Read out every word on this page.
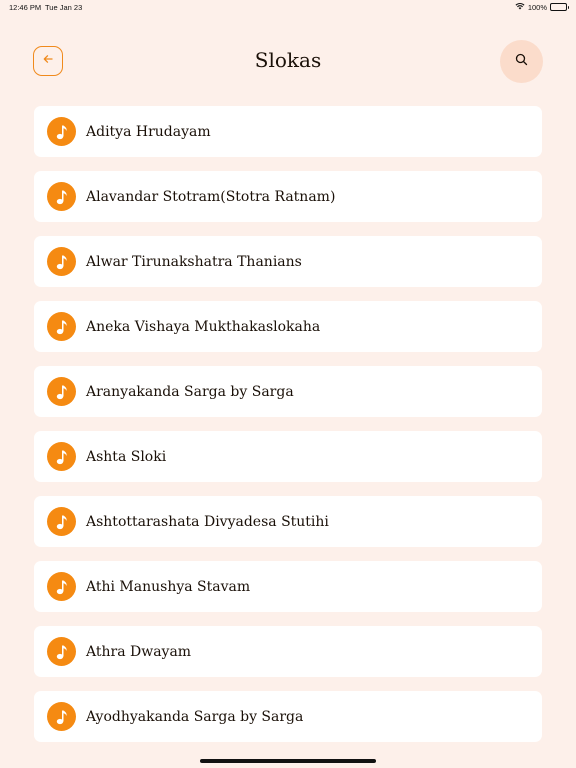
12:46 PM Tue Jan 23	100%
Slokas
Aditya Hrudayam
Alavandar Stotram(Stotra Ratnam)
Alwar Tirunakshatra Thanians
Aneka Vishaya Mukthakaslokaha
Aranyakanda Sarga by Sarga
Ashta Sloki
Ashtottarashata Divyadesa Stutihi
Athi Manushya Stavam
Athra Dwayam
Ayodhyakanda Sarga by Sarga
